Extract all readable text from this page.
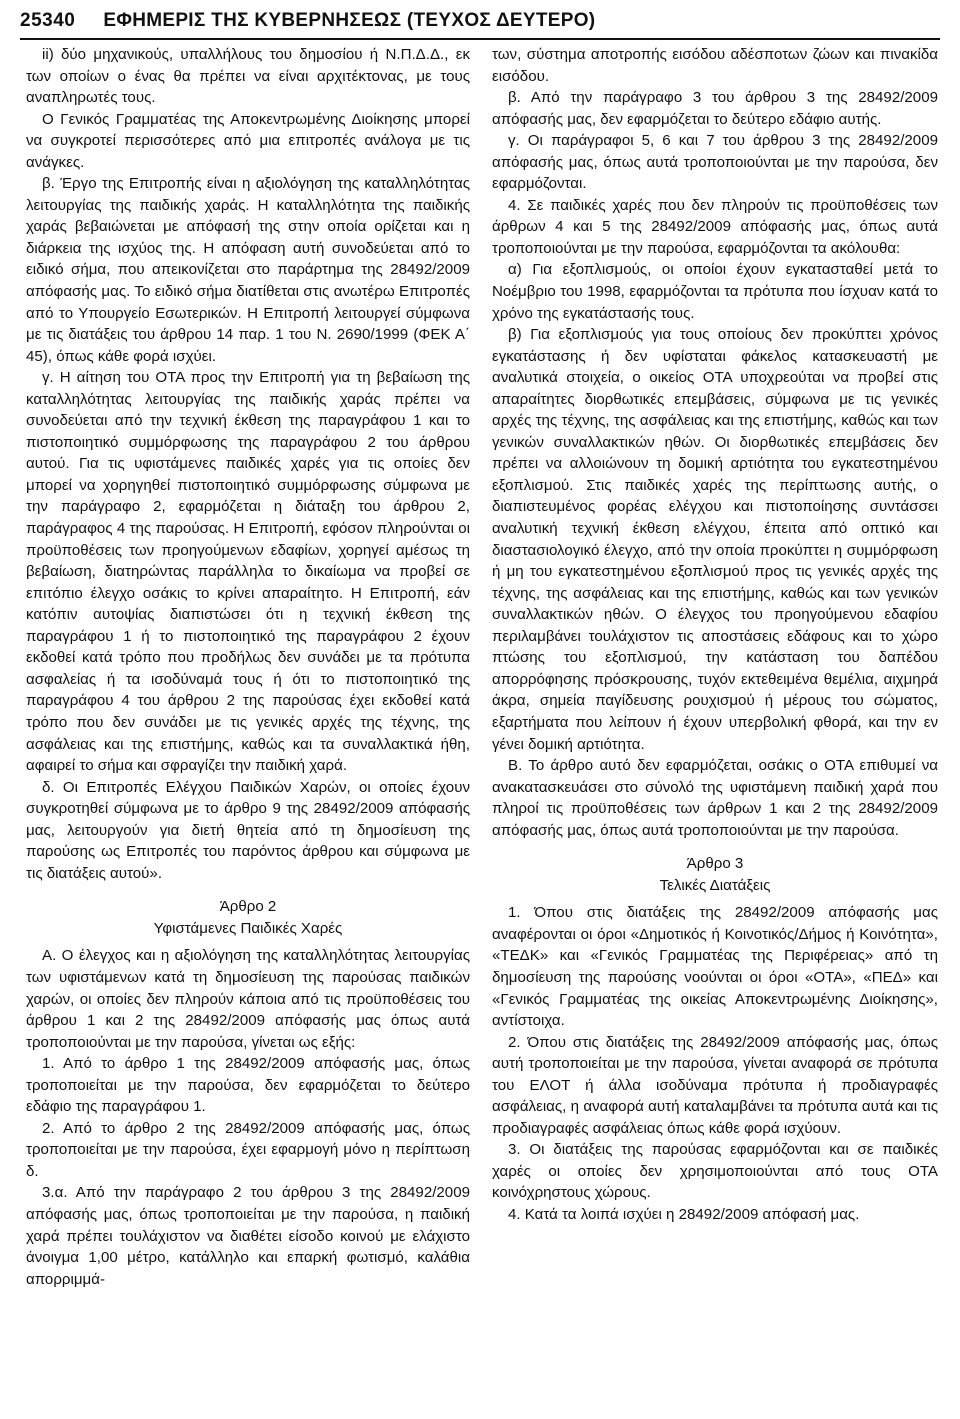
25340 ΕΦΗΜΕΡΙΣ ΤΗΣ ΚΥΒΕΡΝΗΣΕΩΣ (ΤΕΥΧΟΣ ΔΕΥΤΕΡΟ)

ii) δύο μηχανικούς, υπαλλήλους του δημοσίου ή Ν.Π.Δ.Δ., εκ των οποίων ο ένας θα πρέπει να είναι αρχιτέκτονας, με τους αναπληρωτές τους.

Ο Γενικός Γραμματέας της Αποκεντρωμένης Διοίκησης μπορεί να συγκροτεί περισσότερες από μια επιτροπές ανάλογα με τις ανάγκες.

β. Έργο της Επιτροπής είναι η αξιολόγηση της καταλληλότητας λειτουργίας της παιδικής χαράς. Η καταλληλότητα της παιδικής χαράς βεβαιώνεται με απόφασή της στην οποία ορίζεται και η διάρκεια της ισχύος της. Η απόφαση αυτή συνοδεύεται από το ειδικό σήμα, που απεικονίζεται στο παράρτημα της 28492/2009 απόφασής μας. Το ειδικό σήμα διατίθεται στις ανωτέρω Επιτροπές από το Υπουργείο Εσωτερικών. Η Επιτροπή λειτουργεί σύμφωνα με τις διατάξεις του άρθρου 14 παρ. 1 του Ν. 2690/1999 (ΦΕΚ Α΄ 45), όπως κάθε φορά ισχύει.

γ. Η αίτηση του ΟΤΑ προς την Επιτροπή για τη βεβαίωση της καταλληλότητας λειτουργίας της παιδικής χαράς πρέπει να συνοδεύεται από την τεχνική έκθεση της παραγράφου 1 και το πιστοποιητικό συμμόρφωσης της παραγράφου 2 του άρθρου αυτού. Για τις υφιστάμενες παιδικές χαρές για τις οποίες δεν μπορεί να χορηγηθεί πιστοποιητικό συμμόρφωσης σύμφωνα με την παράγραφο 2, εφαρμόζεται η διάταξη του άρθρου 2, παράγραφος 4 της παρούσας. Η Επιτροπή, εφόσον πληρούνται οι προϋποθέσεις των προηγούμενων εδαφίων, χορηγεί αμέσως τη βεβαίωση, διατηρώντας παράλληλα το δικαίωμα να προβεί σε επιτόπιο έλεγχο οσάκις το κρίνει απαραίτητο. Η Επιτροπή, εάν κατόπιν αυτοψίας διαπιστώσει ότι η τεχνική έκθεση της παραγράφου 1 ή το πιστοποιητικό της παραγράφου 2 έχουν εκδοθεί κατά τρόπο που προδήλως δεν συνάδει με τα πρότυπα ασφαλείας ή τα ισοδύναμά τους ή ότι το πιστοποιητικό της παραγράφου 4 του άρθρου 2 της παρούσας έχει εκδοθεί κατά τρόπο που δεν συνάδει με τις γενικές αρχές της τέχνης, της ασφάλειας και της επιστήμης, καθώς και τα συναλλακτικά ήθη, αφαιρεί το σήμα και σφραγίζει την παιδική χαρά.

δ. Οι Επιτροπές Ελέγχου Παιδικών Χαρών, οι οποίες έχουν συγκροτηθεί σύμφωνα με το άρθρο 9 της 28492/2009 απόφασής μας, λειτουργούν για διετή θητεία από τη δημοσίευση της παρούσης ως Επιτροπές του παρόντος άρθρου και σύμφωνα με τις διατάξεις αυτού».

Άρθρο 2
Υφιστάμενες Παιδικές Χαρές

Α. Ο έλεγχος και η αξιολόγηση της καταλληλότητας λειτουργίας των υφιστάμενων κατά τη δημοσίευση της παρούσας παιδικών χαρών, οι οποίες δεν πληρούν κάποια από τις προϋποθέσεις του άρθρου 1 και 2 της 28492/2009 απόφασής μας όπως αυτά τροποποιούνται με την παρούσα, γίνεται ως εξής:

1. Από το άρθρο 1 της 28492/2009 απόφασής μας, όπως τροποποιείται με την παρούσα, δεν εφαρμόζεται το δεύτερο εδάφιο της παραγράφου 1.

2. Από το άρθρο 2 της 28492/2009 απόφασής μας, όπως τροποποιείται με την παρούσα, έχει εφαρμογή μόνο η περίπτωση δ.

3.α. Από την παράγραφο 2 του άρθρου 3 της 28492/2009 απόφασής μας, όπως τροποποιείται με την παρούσα, η παιδική χαρά πρέπει τουλάχιστον να διαθέτει είσοδο κοινού με ελάχιστο άνοιγμα 1,00 μέτρο, κατάλληλο και επαρκή φωτισμό, καλάθια απορριμμά-

των, σύστημα αποτροπής εισόδου αδέσποτων ζώων και πινακίδα εισόδου.

β. Από την παράγραφο 3 του άρθρου 3 της 28492/2009 απόφασής μας, δεν εφαρμόζεται το δεύτερο εδάφιο αυτής.

γ. Οι παράγραφοι 5, 6 και 7 του άρθρου 3 της 28492/2009 απόφασής μας, όπως αυτά τροποποιούνται με την παρούσα, δεν εφαρμόζονται.

4. Σε παιδικές χαρές που δεν πληρούν τις προϋποθέσεις των άρθρων 4 και 5 της 28492/2009 απόφασής μας, όπως αυτά τροποποιούνται με την παρούσα, εφαρμόζονται τα ακόλουθα:

α) Για εξοπλισμούς, οι οποίοι έχουν εγκατασταθεί μετά το Νοέμβριο του 1998, εφαρμόζονται τα πρότυπα που ίσχυαν κατά το χρόνο της εγκατάστασής τους.

β) Για εξοπλισμούς για τους οποίους δεν προκύπτει χρόνος εγκατάστασης ή δεν υφίσταται φάκελος κατασκευαστή με αναλυτικά στοιχεία, ο οικείος ΟΤΑ υποχρεούται να προβεί στις απαραίτητες διορθωτικές επεμβάσεις, σύμφωνα με τις γενικές αρχές της τέχνης, της ασφάλειας και της επιστήμης, καθώς και των γενικών συναλλακτικών ηθών. Οι διορθωτικές επεμβάσεις δεν πρέπει να αλλοιώνουν τη δομική αρτιότητα του εγκατεστημένου εξοπλισμού. Στις παιδικές χαρές της περίπτωσης αυτής, ο διαπιστευμένος φορέας ελέγχου και πιστοποίησης συντάσσει αναλυτική τεχνική έκθεση ελέγχου, έπειτα από οπτικό και διαστασιολογικό έλεγχο, από την οποία προκύπτει η συμμόρφωση ή μη του εγκατεστημένου εξοπλισμού προς τις γενικές αρχές της τέχνης, της ασφάλειας και της επιστήμης, καθώς και των γενικών συναλλακτικών ηθών. Ο έλεγχος του προηγούμενου εδαφίου περιλαμβάνει τουλάχιστον τις αποστάσεις εδάφους και το χώρο πτώσης του εξοπλισμού, την κατάσταση του δαπέδου απορρόφησης πρόσκρουσης, τυχόν εκτεθειμένα θεμέλια, αιχμηρά άκρα, σημεία παγίδευσης ρουχισμού ή μέρους του σώματος, εξαρτήματα που λείπουν ή έχουν υπερβολική φθορά, και την εν γένει δομική αρτιότητα.

Β. Το άρθρο αυτό δεν εφαρμόζεται, οσάκις ο ΟΤΑ επιθυμεί να ανακατασκευάσει στο σύνολό της υφιστάμενη παιδική χαρά που πληροί τις προϋποθέσεις των άρθρων 1 και 2 της 28492/2009 απόφασής μας, όπως αυτά τροποποιούνται με την παρούσα.

Άρθρο 3
Τελικές Διατάξεις

1. Όπου στις διατάξεις της 28492/2009 απόφασής μας αναφέρονται οι όροι «Δημοτικός ή Κοινοτικός/Δήμος ή Κοινότητα», «ΤΕΔΚ» και «Γενικός Γραμματέας της Περιφέρειας» από τη δημοσίευση της παρούσης νοούνται οι όροι «ΟΤΑ», «ΠΕΔ» και «Γενικός Γραμματέας της οικείας Αποκεντρωμένης Διοίκησης», αντίστοιχα.

2. Όπου στις διατάξεις της 28492/2009 απόφασής μας, όπως αυτή τροποποιείται με την παρούσα, γίνεται αναφορά σε πρότυπα του ΕΛΟΤ ή άλλα ισοδύναμα πρότυπα ή προδιαγραφές ασφάλειας, η αναφορά αυτή καταλαμβάνει τα πρότυπα αυτά και τις προδιαγραφές ασφάλειας όπως κάθε φορά ισχύουν.

3. Οι διατάξεις της παρούσας εφαρμόζονται και σε παιδικές χαρές οι οποίες δεν χρησιμοποιούνται από τους ΟΤΑ κοινόχρηστους χώρους.

4. Κατά τα λοιπά ισχύει η 28492/2009 απόφασή μας.
